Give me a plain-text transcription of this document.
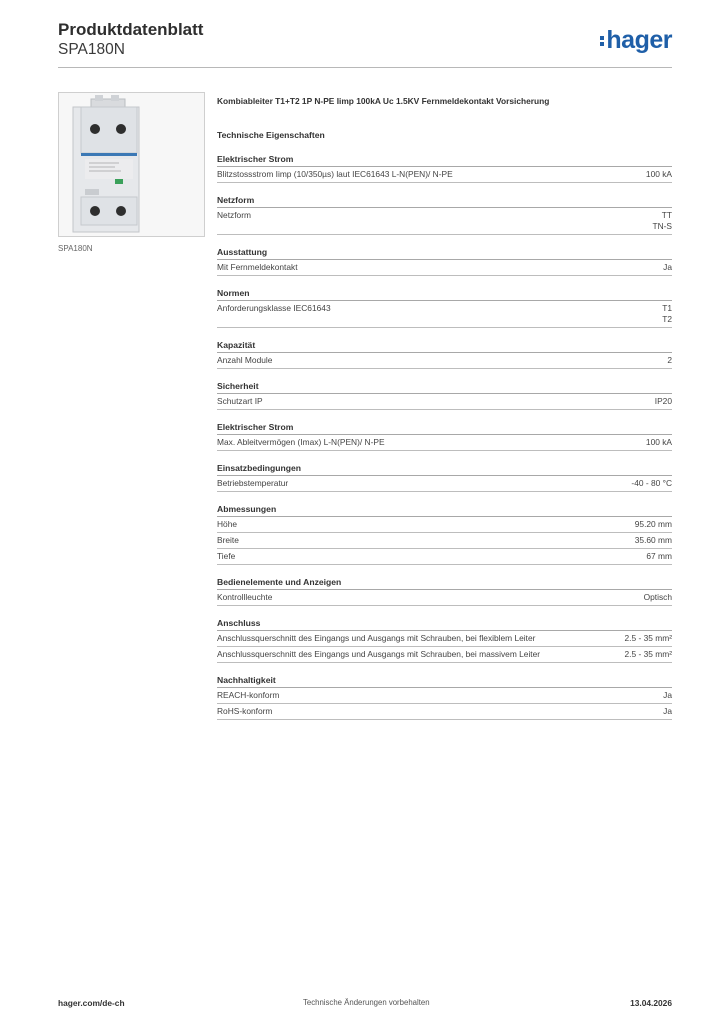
Produktdatenblatt
SPA180N	hager
SPA180N
Kombiableiter T1+T2 1P N-PE Iimp 100kA Uc 1.5KV Fernmeldekontakt Vorsicherung
Technische Eigenschaften
Elektrischer Strom
Blitzstossstrom Iimp (10/350µs) laut IEC61643 L-N(PEN)/ N-PE	100 kA
Netzform
Netzform	TT
TN-S
Ausstattung
Mit Fernmeldekontakt	Ja
Normen
Anforderungsklasse IEC61643	T1
T2
Kapazität
Anzahl Module	2
Sicherheit
Schutzart IP	IP20
Elektrischer Strom
Max. Ableitvermögen (Imax) L-N(PEN)/ N-PE	100 kA
Einsatzbedingungen
Betriebstemperatur	-40 - 80 °C
Abmessungen
Höhe	95.20 mm
Breite	35.60 mm
Tiefe	67 mm
Bedienelemente und Anzeigen
Kontrollleuchte	Optisch
Anschluss
Anschlussquerschnitt des Eingangs und Ausgangs mit Schrauben, bei flexiblem Leiter	2.5 - 35 mm²
Anschlussquerschnitt des Eingangs und Ausgangs mit Schrauben, bei massivem Leiter	2.5 - 35 mm²
Nachhaltigkeit
REACH-konform	Ja
RoHS-konform	Ja
hager.com/de-ch	Technische Änderungen vorbehalten	13.04.2026
